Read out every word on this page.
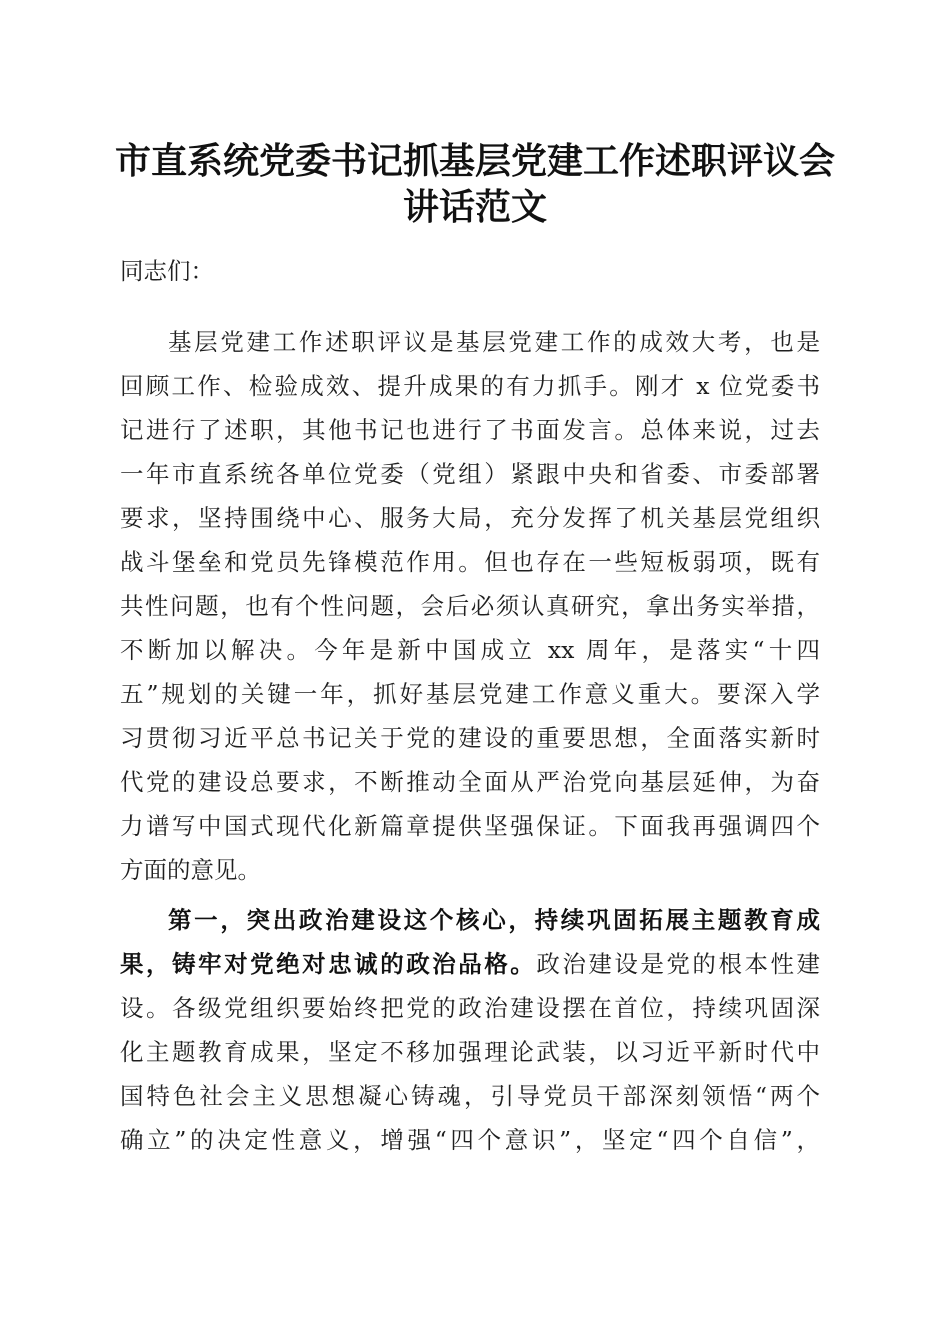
市直系统党委书记抓基层党建工作述职评议会
讲话范文
同志们：
基层党建工作述职评议是基层党建工作的成效大考，也是
回顾工作、检验成效、提升成果的有力抓手。刚才 x 位党委书
记进行了述职，其他书记也进行了书面发言。总体来说，过去
一年市直系统各单位党委（党组）紧跟中央和省委、市委部署
要求，坚持围绕中心、服务大局，充分发挥了机关基层党组织
战斗堡垒和党员先锋模范作用。但也存在一些短板弱项，既有
共性问题，也有个性问题，会后必须认真研究，拿出务实举措，
不断加以解决。今年是新中国成立 xx 周年，是落实“十四
五”规划的关键一年，抓好基层党建工作意义重大。要深入学
习贯彻习近平总书记关于党的建设的重要思想，全面落实新时
代党的建设总要求，不断推动全面从严治党向基层延伸，为奋
力谱写中国式现代化新篇章提供坚强保证。下面我再强调四个
方面的意见。
第一，突出政治建设这个核心，持续巩固拓展主题教育成
果，铸牢对党绝对忠诚的政治品格。政治建设是党的根本性建
设。各级党组织要始终把党的政治建设摆在首位，持续巩固深
化主题教育成果，坚定不移加强理论武装，以习近平新时代中
国特色社会主义思想凝心铸魂，引导党员干部深刻领悟“两个
确立”的决定性意义，增强“四个意识”，坚定“四个自信”，
